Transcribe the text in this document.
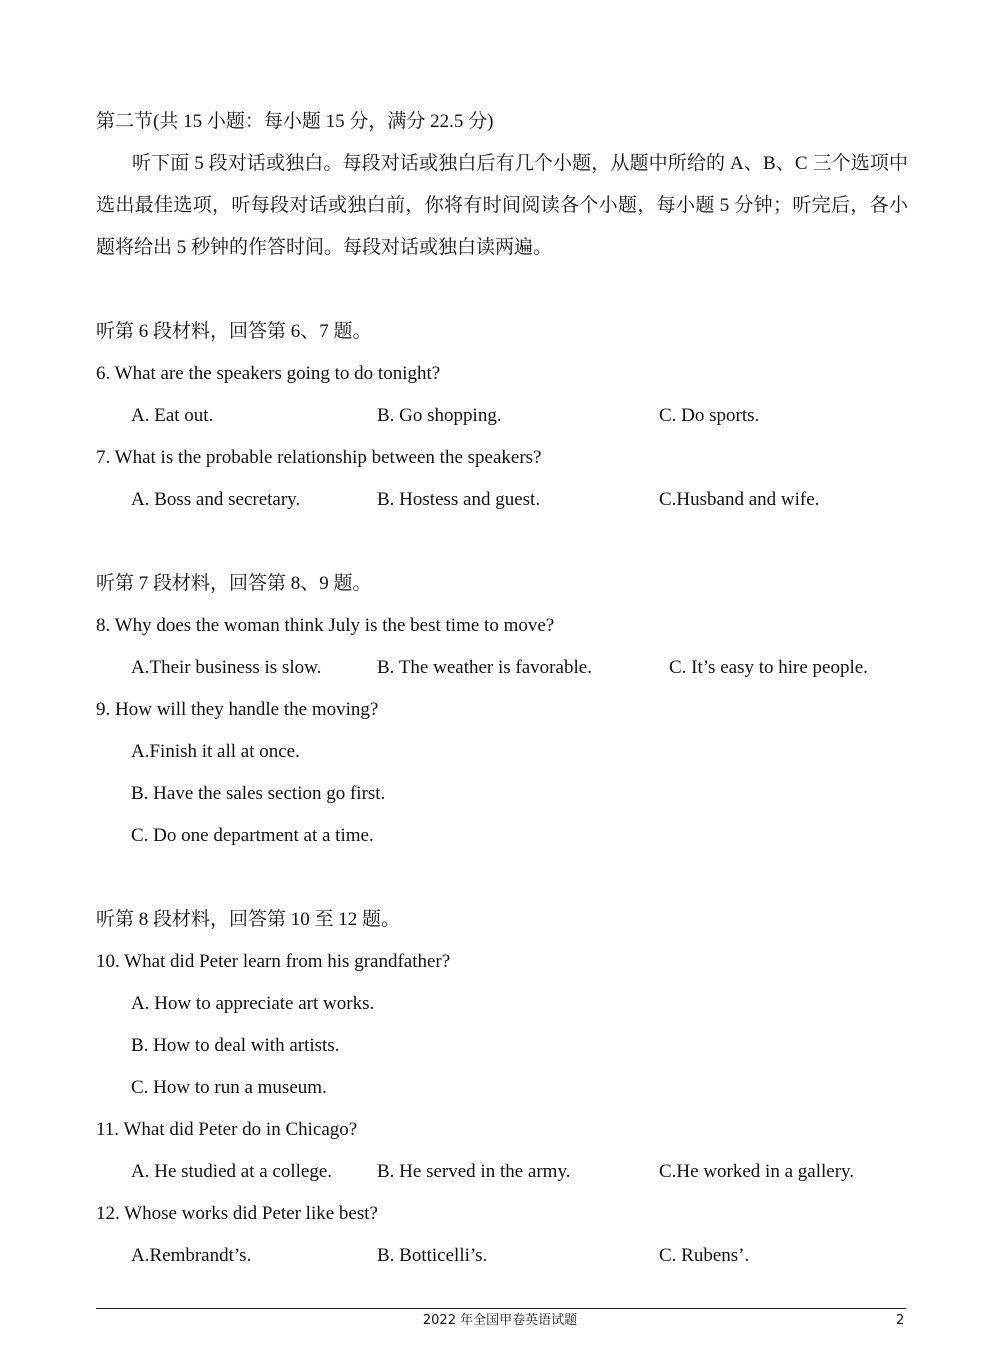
第二节(共 15 小题：每小题 15 分，满分 22.5 分)
听下面 5 段对话或独白。每段对话或独白后有几个小题，从题中所给的 A、B、C 三个选项中选出最佳选项，听每段对话或独白前，你将有时间阅读各个小题，每小题 5 分钟；听完后，各小题将给出 5 秒钟的作答时间。每段对话或独白读两遍。
听第 6 段材料，回答第 6、7 题。
6. What are the speakers going to do tonight?
A. Eat out.	B. Go shopping.	C. Do sports.
7. What is the probable relationship between the speakers?
A. Boss and secretary.	B. Hostess and guest.	C.Husband and wife.
听第 7 段材料，回答第 8、9 题。
8. Why does the woman think July is the best time to move?
A.Their business is slow.	B. The weather is favorable.	C. It’s easy to hire people.
9. How will they handle the moving?
A.Finish it all at once.
B. Have the sales section go first.
C. Do one department at a time.
听第 8 段材料，回答第 10 至 12 题。
10. What did Peter learn from his grandfather?
A. How to appreciate art works.
B. How to deal with artists.
C. How to run a museum.
11. What did Peter do in Chicago?
A. He studied at a college. B. He served in the army.	C.He worked in a gallery.
12. Whose works did Peter like best?
A.Rembrandt’s.	B. Botticelli’s.	C. Rubens’.
2022 年全国甲卷英语试题	2
